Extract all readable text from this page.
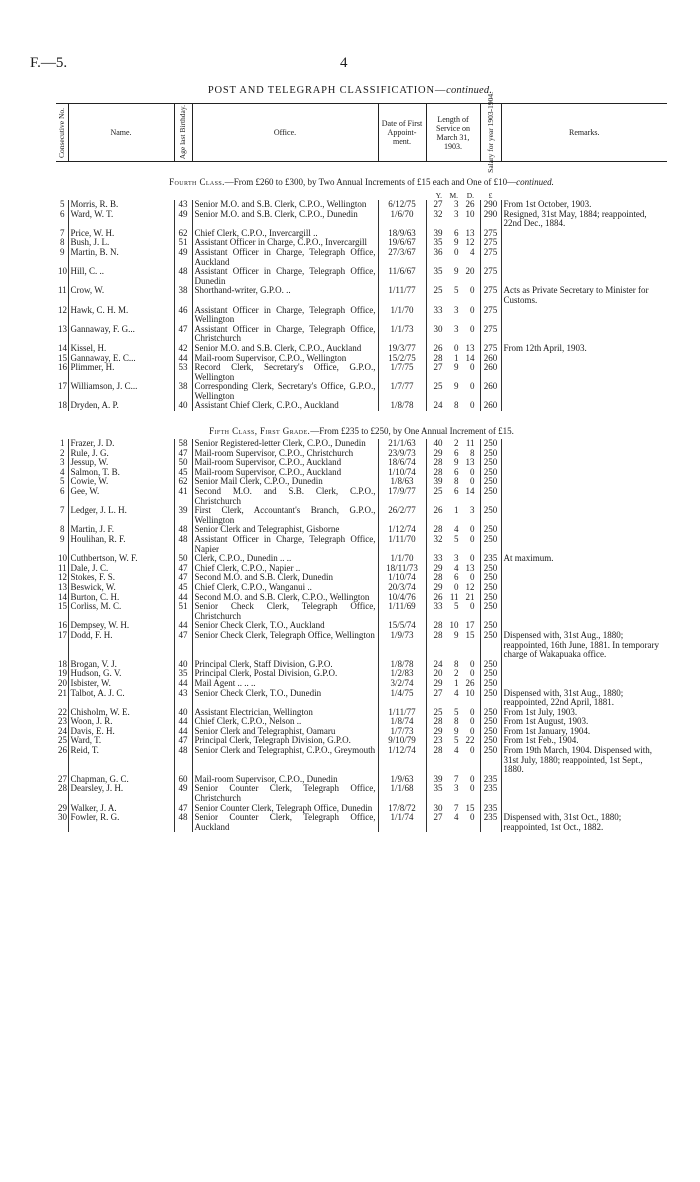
F.—5.	4
POST AND TELEGRAPH CLASSIFICATION—continued.
Consecutive No.	Name.	Age last Birthday.	Office.	Date of First Appoint-ment.	Length of Service on March 31, 1903.	Salary for year 1903-1904.	Remarks.
Fourth Class.—From £260 to £300, by Two Annual Increments of £15 each and One of £10—continued.							
					Y. M. D.	£	
5	Morris, R. B.	43	Senior M.O. and S.B. Clerk, C.P.O., Wellington	6/12/75	27 3 26	290	From 1st October, 1903.
6	Ward, W. T.	49	Senior M.O. and S.B. Clerk, C.P.O., Dunedin	1/6/70	32 3 10	290	Resigned, 31st May, 1884; reappointed, 22nd Dec., 1884.
7	Price, W. H.	62	Chief Clerk, C.P.O., Invercargill ..	18/9/63	39 6 13	275	
8	Bush, J. L.	51	Assistant Officer in Charge, C.P.O., Invercargill	19/6/67	35 9 12	275	
9	Martin, B. N.	49	Assistant Officer in Charge, Telegraph Office, Auckland	27/3/67	36 0 4	275	
10	Hill, C. ..	48	Assistant Officer in Charge, Telegraph Office, Dunedin	11/6/67	35 9 20	275	
11	Crow, W.	38	Shorthand-writer, G.P.O. ..	1/11/77	25 5 0	275	Acts as Private Secretary to Minister for Customs.
12	Hawk, C. H. M.	46	Assistant Officer in Charge, Telegraph Office, Wellington	1/1/70	33 3 0	275	
13	Gannaway, F. G...	47	Assistant Officer in Charge, Telegraph Office, Christchurch	1/1/73	30 3 0	275	
14	Kissel, H.	42	Senior M.O. and S.B. Clerk, C.P.O., Auckland	19/3/77	26 0 13	275	From 12th April, 1903.
15	Gannaway, E. C...	44	Mail-room Supervisor, C.P.O., Wellington	15/2/75	28 1 14	260	
16	Plimmer, H.	53	Record Clerk, Secretary's Office, G.P.O., Wellington	1/7/75	27 9 0	260	
17	Williamson, J. C...	38	Corresponding Clerk, Secretary's Office, G.P.O., Wellington	1/7/77	25 9 0	260	
18	Dryden, A. P.	40	Assistant Chief Clerk, C.P.O., Auckland	1/8/78	24 8 0	260	
Fifth Class, First Grade.—From £235 to £250, by One Annual Increment of £15.							
1	Frazer, J. D.	58	Senior Registered-letter Clerk, C.P.O., Dunedin	21/1/63	40 2 11	250	
2	Rule, J. G.	47	Mail-room Supervisor, C.P.O., Christchurch	23/9/73	29 6 8	250	
3	Jessup, W.	50	Mail-room Supervisor, C.P.O., Auckland	18/6/74	28 9 13	250	
4	Salmon, T. B.	45	Mail-room Supervisor, C.P.O., Auckland	1/10/74	28 6 0	250	
5	Cowie, W.	62	Senior Mail Clerk, C.P.O., Dunedin	1/8/63	39 8 0	250	
6	Gee, W.	41	Second M.O. and S.B. Clerk, C.P.O., Christchurch	17/9/77	25 6 14	250	
7	Ledger, J. L. H.	39	First Clerk, Accountant's Branch, G.P.O., Wellington	26/2/77	26 1 3	250	
8	Martin, J. F.	48	Senior Clerk and Telegraphist, Gisborne	1/12/74	28 4 0	250	
9	Houlihan, R. F.	48	Assistant Officer in Charge, Telegraph Office, Napier	1/11/70	32 5 0	250	
10	Cuthbertson, W. F.	50	Clerk, C.P.O., Dunedin .. ..	1/1/70	33 3 0	235	At maximum.
11	Dale, J. C.	47	Chief Clerk, C.P.O., Napier ..	18/11/73	29 4 13	250	
12	Stokes, F. S.	47	Second M.O. and S.B. Clerk, Dunedin	1/10/74	28 6 0	250	
13	Beswick, W.	45	Chief Clerk, C.P.O., Wanganui ..	20/3/74	29 0 12	250	
14	Burton, C. H.	44	Second M.O. and S.B. Clerk, C.P.O., Wellington	10/4/76	26 11 21	250	
15	Corliss, M. C.	51	Senior Check Clerk, Telegraph Office, Christchurch	1/11/69	33 5 0	250	
16	Dempsey, W. H.	44	Senior Check Clerk, T.O., Auckland	15/5/74	28 10 17	250	
17	Dodd, F. H.	47	Senior Check Clerk, Telegraph Office, Wellington	1/9/73	28 9 15	250	Dispensed with, 31st Aug., 1880; reappointed, 16th June, 1881. In temporary charge of Wakapuaka office.
18	Brogan, V. J.	40	Principal Clerk, Staff Division, G.P.O.	1/8/78	24 8 0	250	
19	Hudson, G. V.	35	Principal Clerk, Postal Division, G.P.O.	1/2/83	20 2 0	250	
20	Isbister, W.	44	Mail Agent .. .. ..	3/2/74	29 1 26	250	
21	Talbot, A. J. C.	43	Senior Check Clerk, T.O., Dunedin	1/4/75	27 4 10	250	Dispensed with, 31st Aug., 1880; reappointed, 22nd April, 1881.
22	Chisholm, W. E.	40	Assistant Electrician, Wellington	1/11/77	25 5 0	250	From 1st July, 1903.
23	Woon, J. R.	44	Chief Clerk, C.P.O., Nelson ..	1/8/74	28 8 0	250	From 1st August, 1903.
24	Davis, E. H.	44	Senior Clerk and Telegraphist, Oamaru	1/7/73	29 9 0	250	From 1st January, 1904.
25	Ward, T.	47	Principal Clerk, Telegraph Division, G.P.O.	9/10/79	23 5 22	250	From 1st Feb., 1904.
26	Reid, T.	48	Senior Clerk and Telegraphist, C.P.O., Greymouth	1/12/74	28 4 0	250	From 19th March, 1904. Dispensed with, 31st July, 1880; reappointed, 1st Sept., 1880.
27	Chapman, G. C.	60	Mail-room Supervisor, C.P.O., Dunedin	1/9/63	39 7 0	235	
28	Dearsley, J. H.	49	Senior Counter Clerk, Telegraph Office, Christchurch	1/1/68	35 3 0	235	
29	Walker, J. A.	47	Senior Counter Clerk, Telegraph Office, Dunedin	17/8/72	30 7 15	235	
30	Fowler, R. G.	48	Senior Counter Clerk, Telegraph Office, Auckland	1/1/74	27 4 0	235	Dispensed with, 31st Oct., 1880; reappointed, 1st Oct., 1882.
